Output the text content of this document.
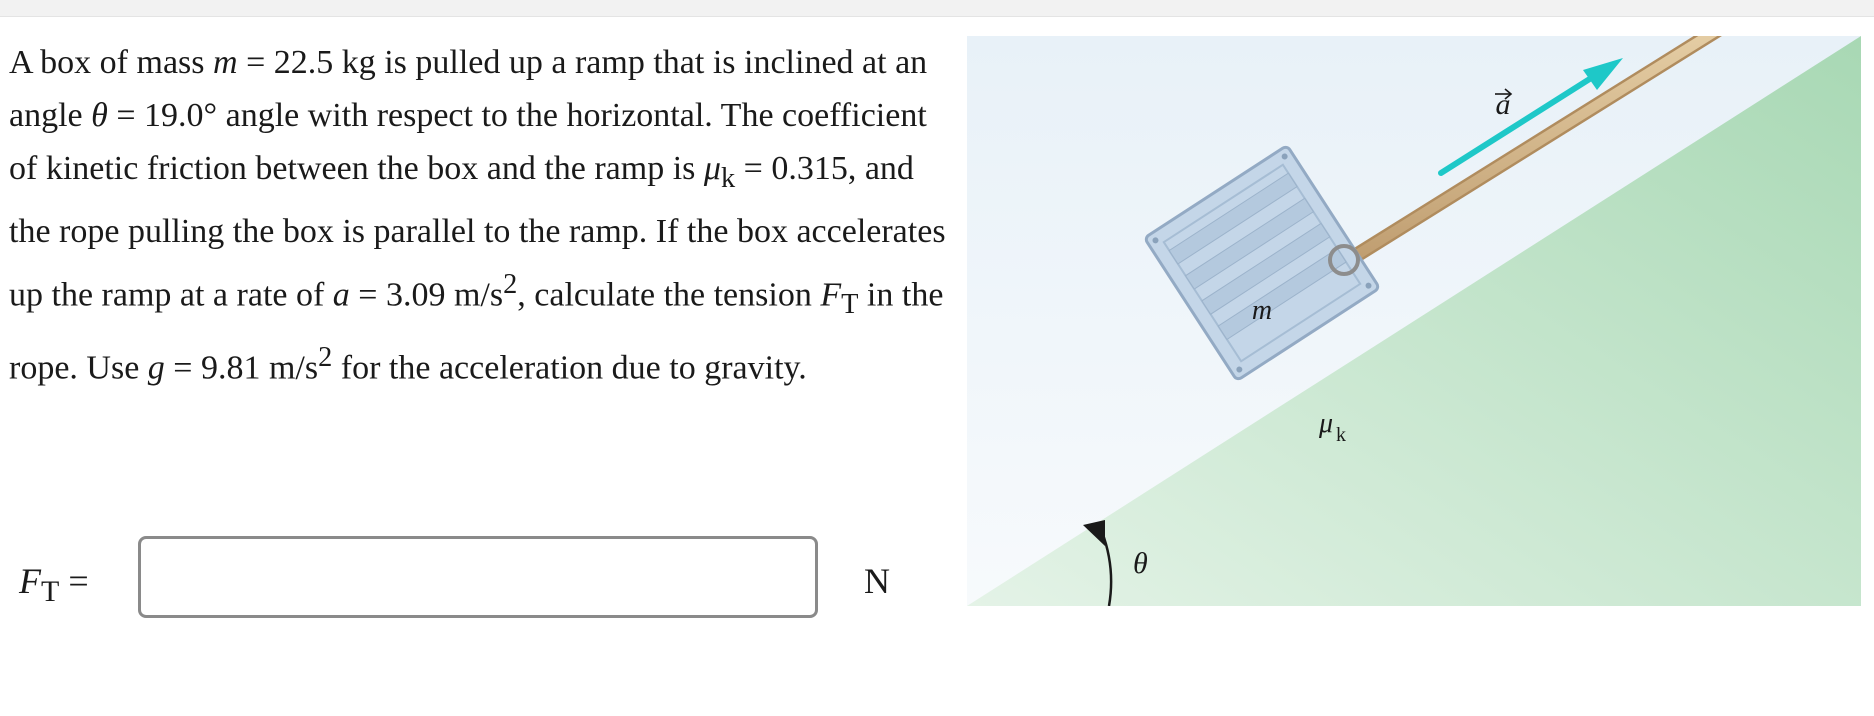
A box of mass m = 22.5 kg is pulled up a ramp that is inclined at an angle θ = 19.0° angle with respect to the horizontal. The coefficient of kinetic friction between the box and the ramp is $\mu_k = 0.315$, and the rope pulling the box is parallel to the ramp. If the box accelerates up the ramp at a rate of a = 3.09 $m/s^2$, calculate the tension $F_T$ in the rope. Use g = 9.81 $m/s^2$ for the acceleration due to gravity.

$F_T$ =	N
a
m
μ k
θ
